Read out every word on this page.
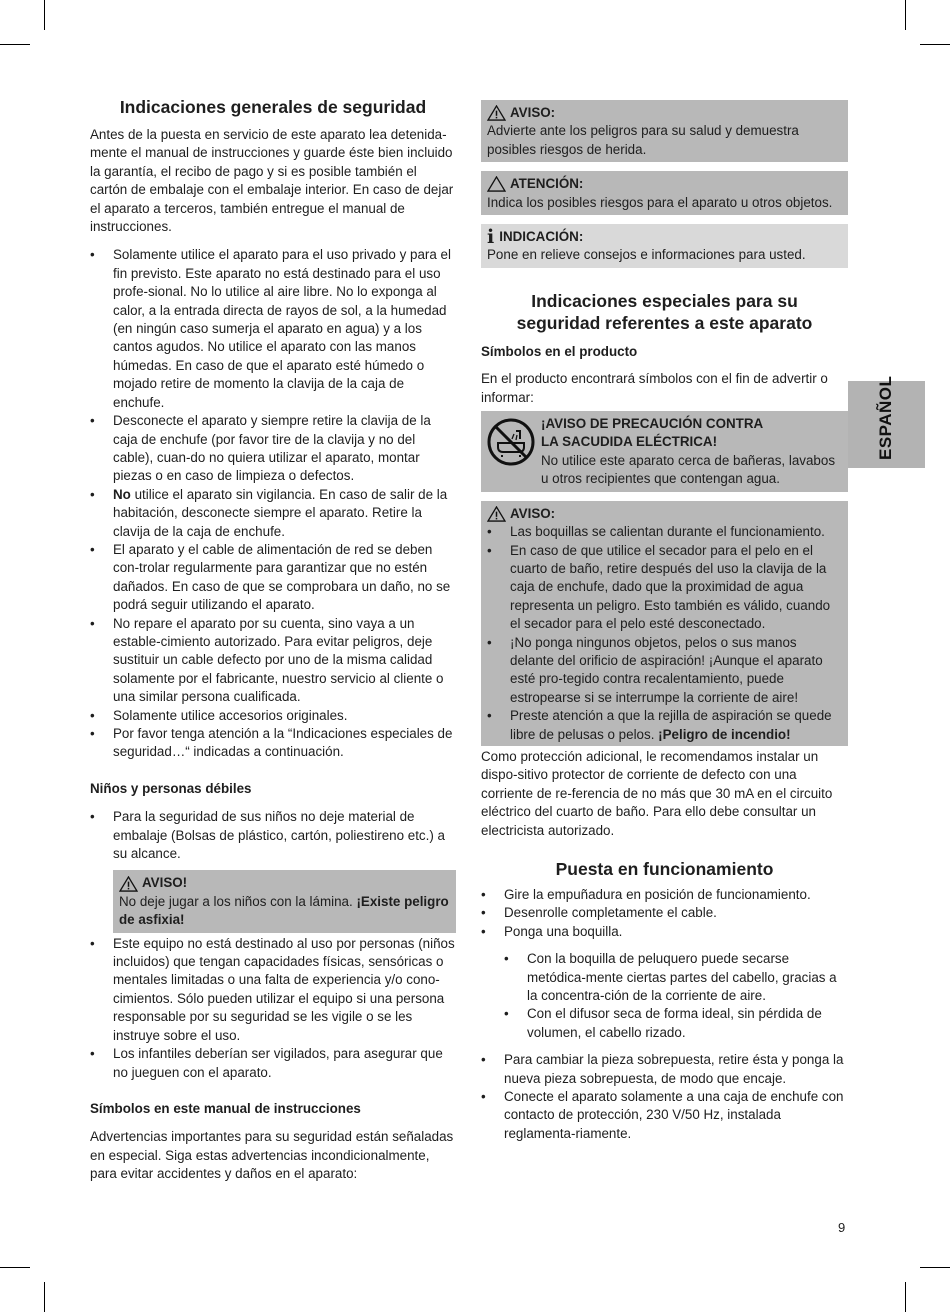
Indicaciones generales de seguridad

Antes de la puesta en servicio de este aparato lea detenida-mente el manual de instrucciones y guarde éste bien incluido la garantía, el recibo de pago y si es posible también el cartón de embalaje con el embalaje interior. En caso de dejar el aparato a terceros, también entregue el manual de instrucciones.

• Solamente utilice el aparato para el uso privado y para el fin previsto. Este aparato no está destinado para el uso profe-sional. No lo utilice al aire libre. No lo exponga al calor, a la entrada directa de rayos de sol, a la humedad (en ningún caso sumerja el aparato en agua) y a los cantos agudos. No utilice el aparato con las manos húmedas. En caso de que el aparato esté húmedo o mojado retire de momento la clavija de la caja de enchufe.
• Desconecte el aparato y siempre retire la clavija de la caja de enchufe (por favor tire de la clavija y no del cable), cuan-do no quiera utilizar el aparato, montar piezas o en caso de limpieza o defectos.
• No utilice el aparato sin vigilancia. En caso de salir de la habitación, desconecte siempre el aparato. Retire la clavija de la caja de enchufe.
• El aparato y el cable de alimentación de red se deben con-trolar regularmente para garantizar que no estén dañados. En caso de que se comprobara un daño, no se podrá seguir utilizando el aparato.
• No repare el aparato por su cuenta, sino vaya a un estable-cimiento autorizado. Para evitar peligros, deje sustituir un cable defecto por uno de la misma calidad solamente por el fabricante, nuestro servicio al cliente o una similar persona cualificada.
• Solamente utilice accesorios originales.
• Por favor tenga atención a la “Indicaciones especiales de seguridad…“ indicadas a continuación.
Niños y personas débiles
• Para la seguridad de sus niños no deje material de embalaje (Bolsas de plástico, cartón, poliestireno etc.) a su alcance.
AVISO!
No deje jugar a los niños con la lámina. ¡Existe peligro de asfixia!
• Este equipo no está destinado al uso por personas (niños incluidos) que tengan capacidades físicas, sensóricas o mentales limitadas o una falta de experiencia y/o cono-cimientos. Sólo pueden utilizar el equipo si una persona responsable por su seguridad se les vigile o se les instruye sobre el uso.
• Los infantiles deberían ser vigilados, para asegurar que no jueguen con el aparato.
Símbolos en este manual de instrucciones

Advertencias importantes para su seguridad están señaladas en especial. Siga estas advertencias incondicionalmente, para evitar accidentes y daños en el aparato:

AVISO:
Advierte ante los peligros para su salud y demuestra posibles riesgos de herida.
ATENCIÓN:
Indica los posibles riesgos para el aparato u otros objetos.
i INDICACIÓN:
Pone en relieve consejos e informaciones para usted.
Indicaciones especiales para su seguridad referentes a este aparato
Símbolos en el producto

En el producto encontrará símbolos con el fin de advertir o informar:

¡AVISO DE PRECAUCIÓN CONTRA
LA SACUDIDA ELÉCTRICA!
No utilice este aparato cerca de bañeras, lavabos u otros recipientes que contengan agua.
AVISO:
• Las boquillas se calientan durante el funcionamiento.
• En caso de que utilice el secador para el pelo en el cuarto de baño, retire después del uso la clavija de la caja de enchufe, dado que la proximidad de agua representa un peligro. Esto también es válido, cuando el secador para el pelo esté desconectado.
• ¡No ponga ningunos objetos, pelos o sus manos delante del orificio de aspiración! ¡Aunque el aparato esté pro-tegido contra recalentamiento, puede estropearse si se interrumpe la corriente de aire!
• Preste atención a que la rejilla de aspiración se quede libre de pelusas o pelos. ¡Peligro de incendio!

Como protección adicional, le recomendamos instalar un dispo-sitivo protector de corriente de defecto con una corriente de re-ferencia de no más que 30 mA en el circuito eléctrico del cuarto de baño. Para ello debe consultar un electricista autorizado.

Puesta en funcionamiento
• Gire la empuñadura en posición de funcionamiento.
• Desenrolle completamente el cable.
• Ponga una boquilla.
• Con la boquilla de peluquero puede secarse metódica-mente ciertas partes del cabello, gracias a la concentra-ción de la corriente de aire.
• Con el difusor seca de forma ideal, sin pérdida de volumen, el cabello rizado.
• Para cambiar la pieza sobrepuesta, retire ésta y ponga la nueva pieza sobrepuesta, de modo que encaje.
• Conecte el aparato solamente a una caja de enchufe con contacto de protección, 230 V/50 Hz, instalada reglamenta-riamente.
ESPAÑOL
9
